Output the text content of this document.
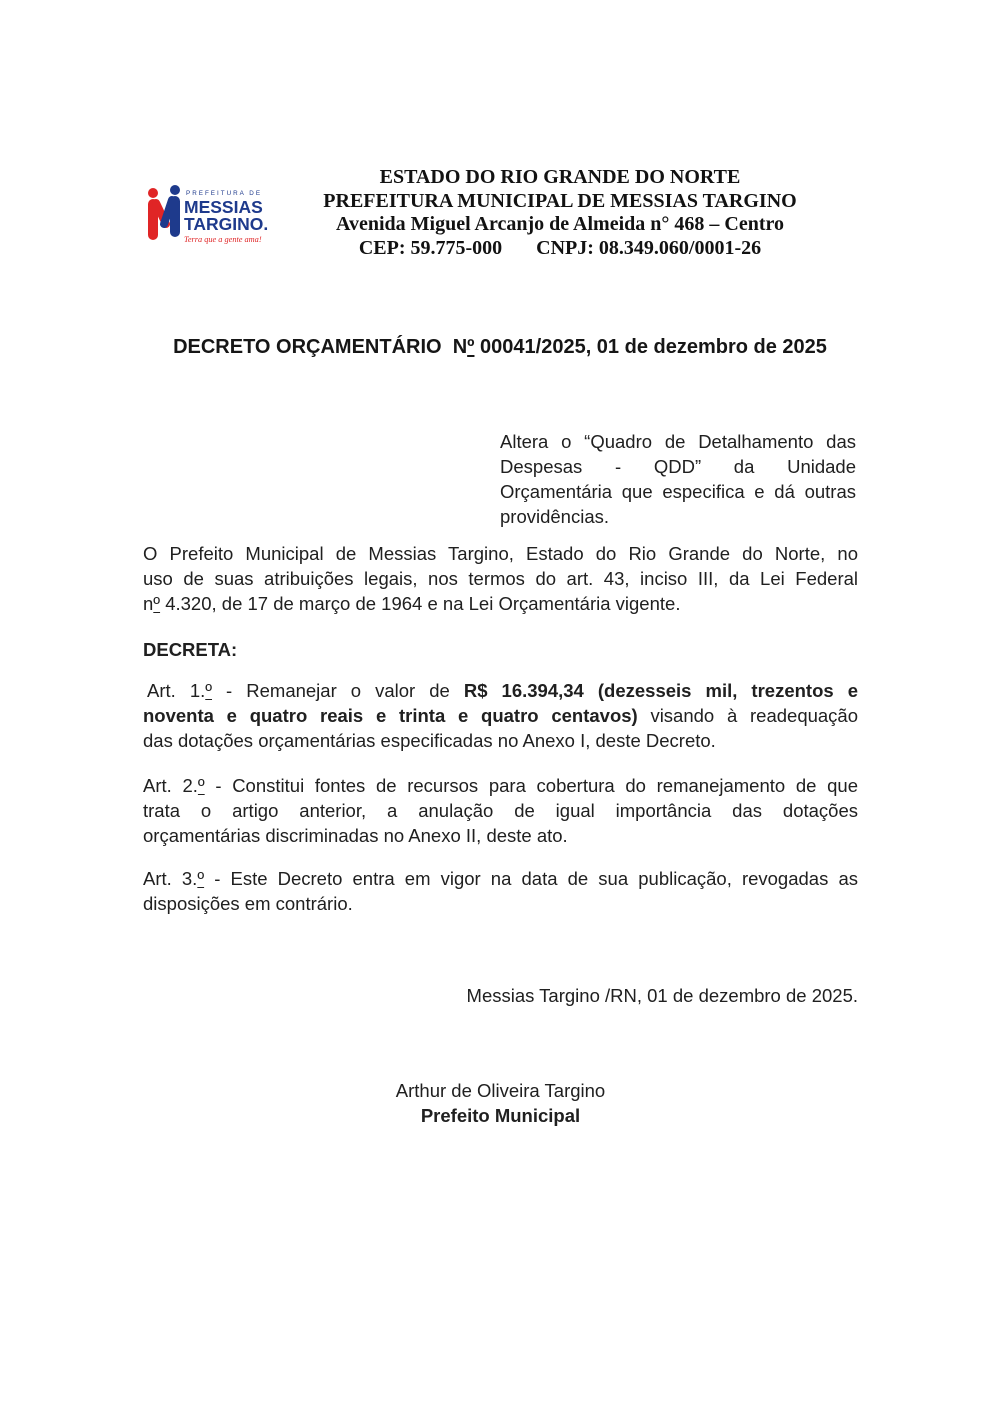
PREFEITURA DE
MESSIAS
TARGINO.
Terra que a gente ama!
ESTADO DO RIO GRANDE DO NORTE
PREFEITURA MUNICIPAL DE MESSIAS TARGINO
Avenida Miguel Arcanjo de Almeida n° 468 – Centro
CEP: 59.775-000 CNPJ: 08.349.060/0001-26
DECRETO ORÇAMENTÁRIO  Nº 00041/2025, 01 de dezembro de 2025
Altera o “Quadro de Detalhamento das
Despesas - QDD” da Unidade
Orçamentária que especifica e dá outras
providências.
O Prefeito Municipal de Messias Targino, Estado do Rio Grande do Norte, no
uso de suas atribuições legais, nos termos do art. 43, inciso III, da Lei Federal
nº 4.320, de 17 de março de 1964 e na Lei Orçamentária vigente.
DECRETA:
Art. 1.º - Remanejar o valor de R$ 16.394,34 (dezesseis mil, trezentos e
noventa e quatro reais e trinta e quatro centavos) visando à readequação
das dotações orçamentárias especificadas no Anexo I, deste Decreto.
Art. 2.º - Constitui fontes de recursos para cobertura do remanejamento de que
trata o artigo anterior, a anulação de igual importância das dotações
orçamentárias discriminadas no Anexo II, deste ato.
Art. 3.º - Este Decreto entra em vigor na data de sua publicação, revogadas as
disposições em contrário.
Messias Targino /RN, 01 de dezembro de 2025.
Arthur de Oliveira Targino
Prefeito Municipal
